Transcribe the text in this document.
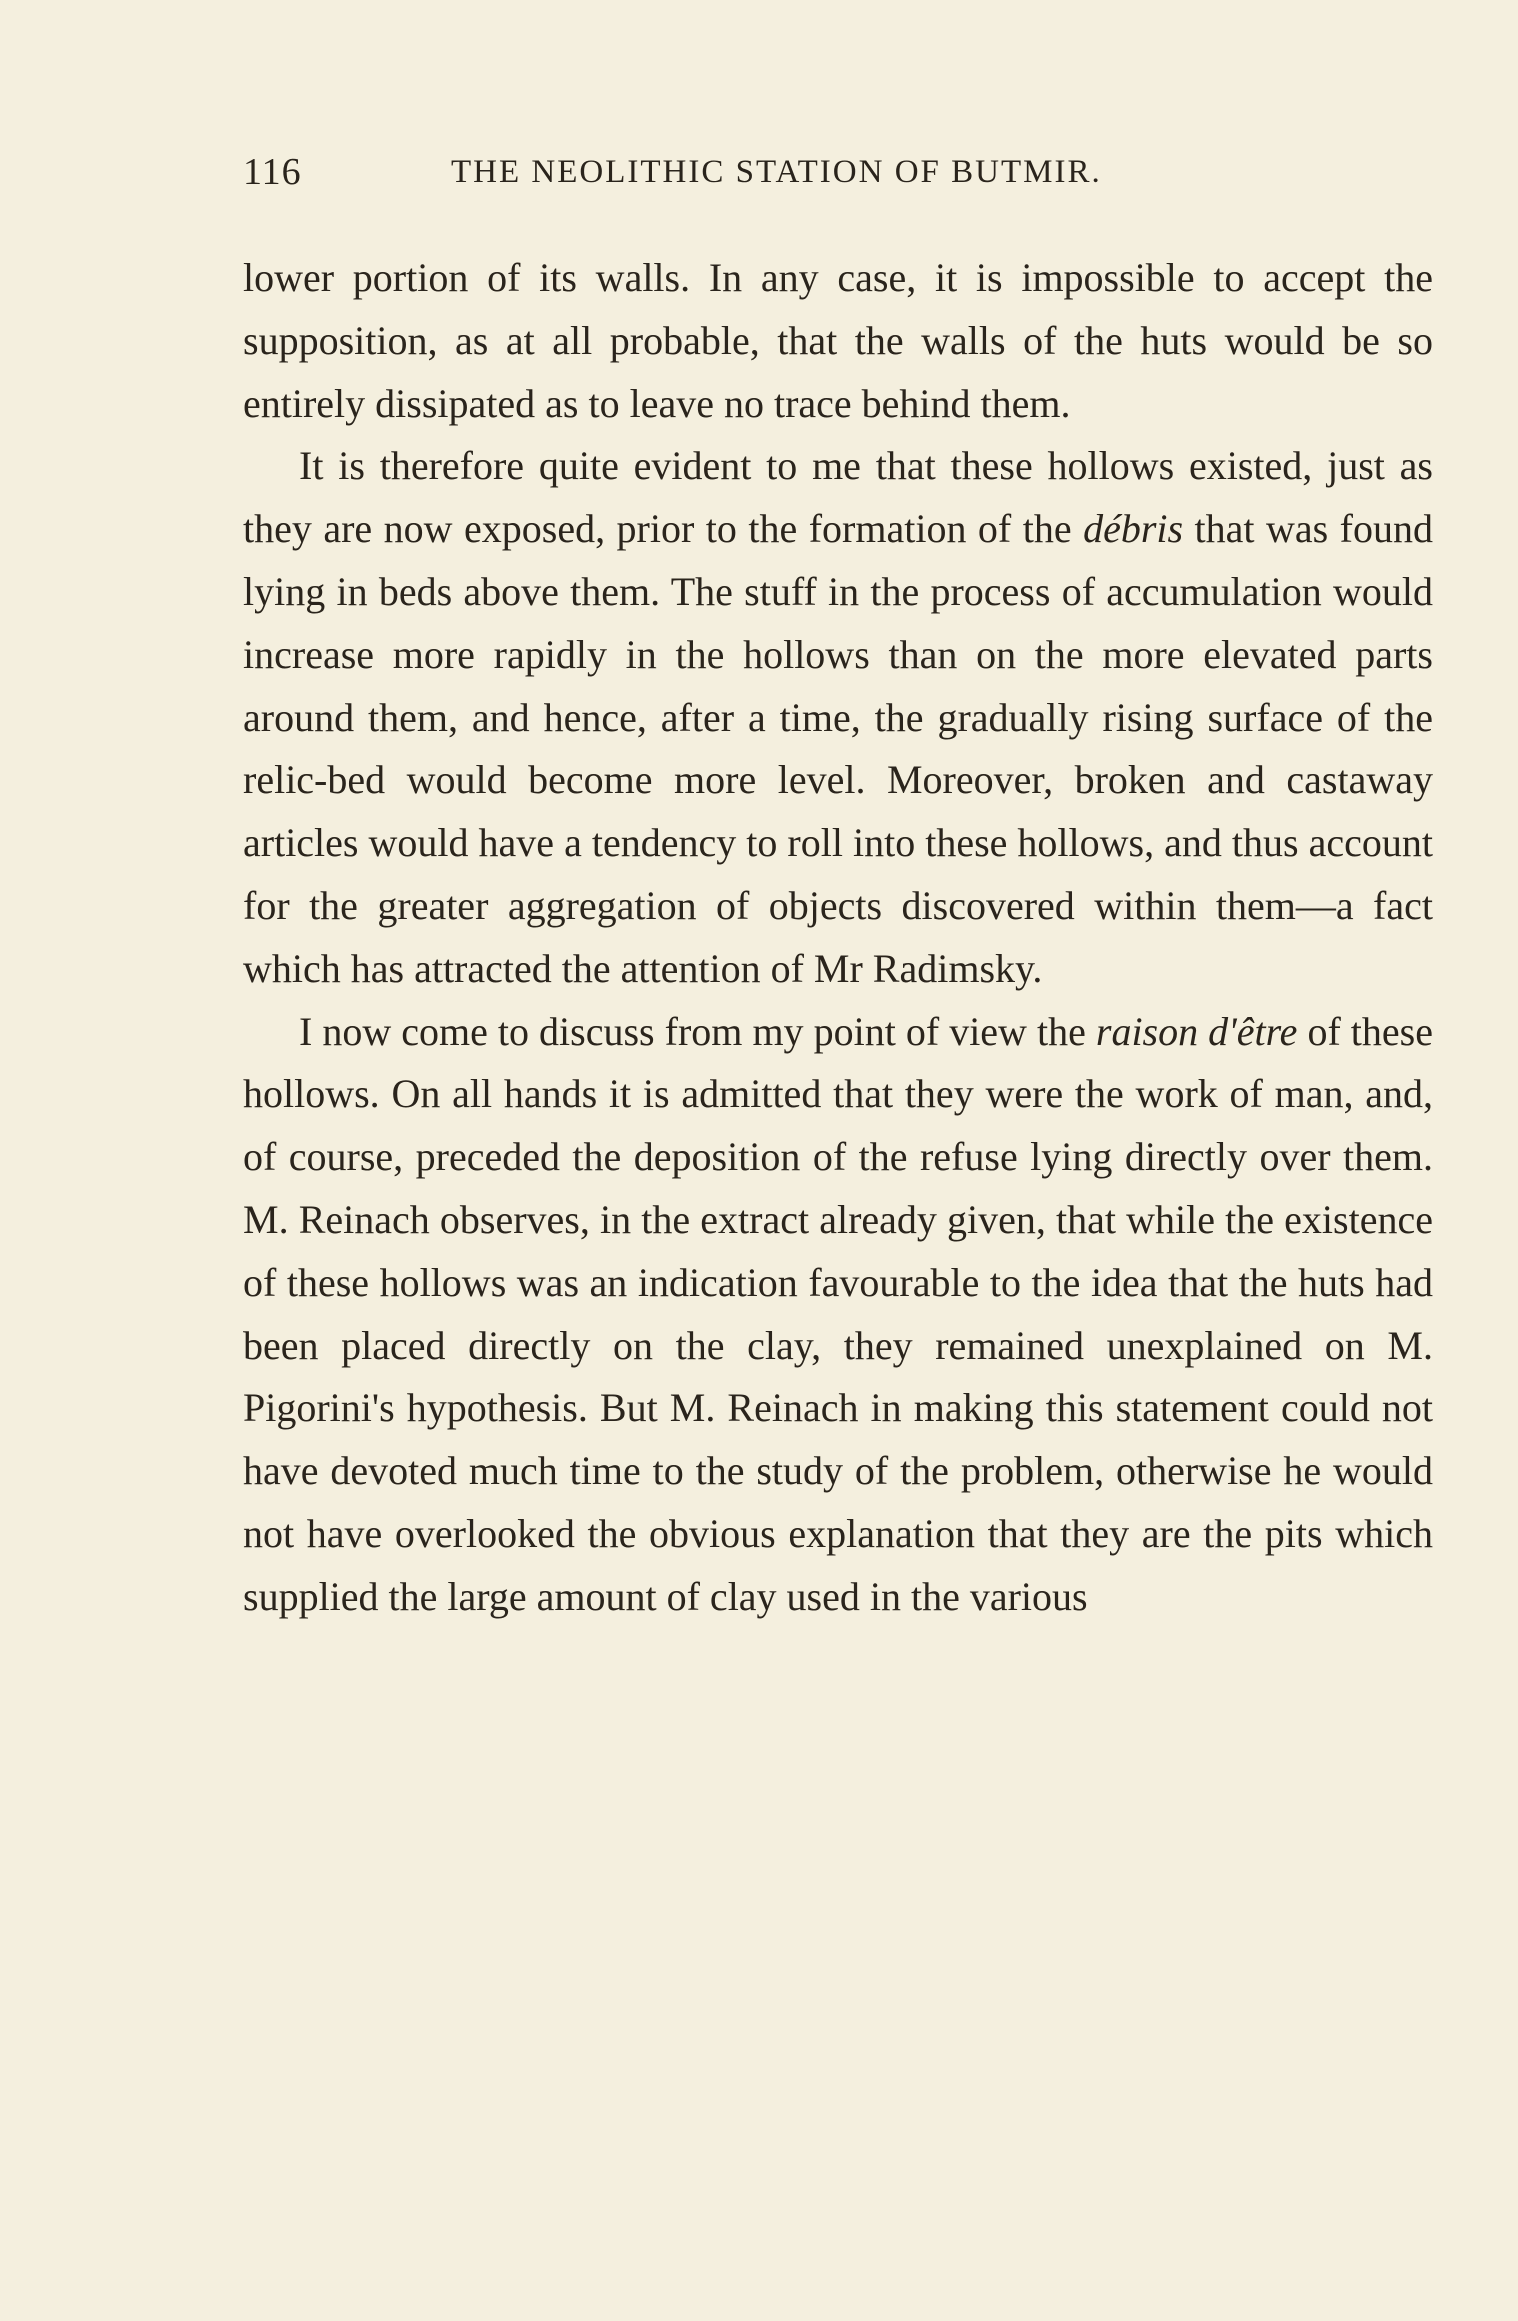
116	THE NEOLITHIC STATION OF BUTMIR.

lower portion of its walls. In any case, it is impossible to accept the supposition, as at all probable, that the walls of the huts would be so entirely dissipated as to leave no trace behind them.

It is therefore quite evident to me that these hollows existed, just as they are now exposed, prior to the formation of the débris that was found lying in beds above them. The stuff in the process of accumulation would increase more rapidly in the hollows than on the more elevated parts around them, and hence, after a time, the gradually rising surface of the relic-bed would become more level. Moreover, broken and castaway articles would have a tendency to roll into these hollows, and thus account for the greater aggregation of objects discovered within them—a fact which has attracted the attention of Mr Radimsky.

I now come to discuss from my point of view the raison d'être of these hollows. On all hands it is admitted that they were the work of man, and, of course, preceded the deposition of the refuse lying directly over them. M. Reinach observes, in the extract already given, that while the existence of these hollows was an indication favourable to the idea that the huts had been placed directly on the clay, they remained unexplained on M. Pigorini's hypothesis. But M. Reinach in making this statement could not have devoted much time to the study of the problem, otherwise he would not have overlooked the obvious explanation that they are the pits which supplied the large amount of clay used in the various
